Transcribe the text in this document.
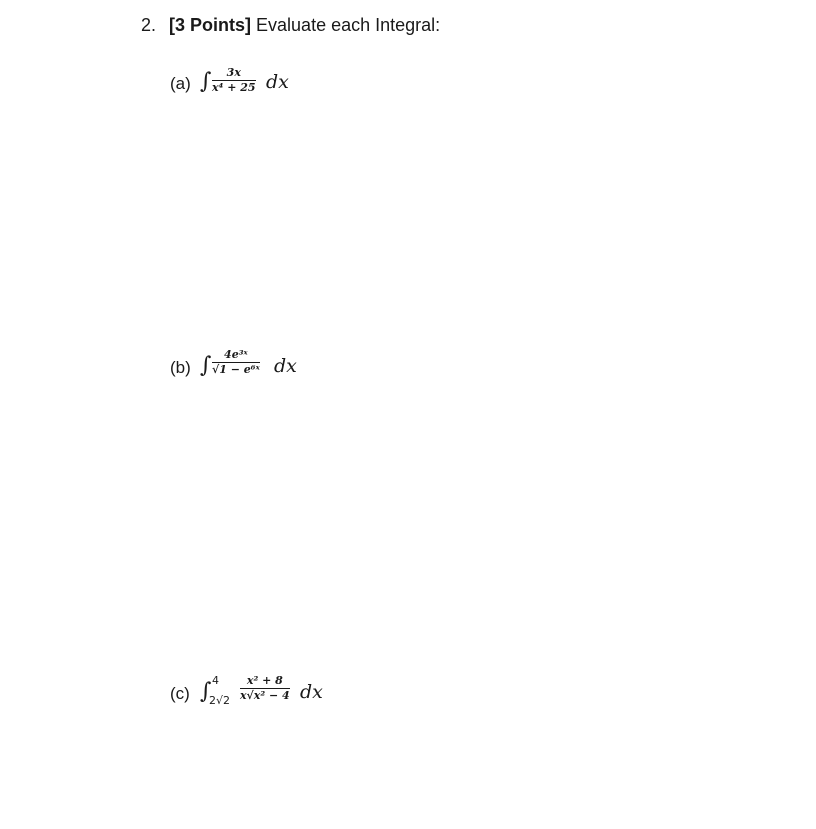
2. [3 Points] Evaluate each Integral:
(a) ∫ 3x
x⁴ + 25 dx
(b) ∫ 4e³ˣ
√1 − e⁶ˣ dx
(c) ∫ 4
2√2
x² + 8
x√x² − 4 dx
